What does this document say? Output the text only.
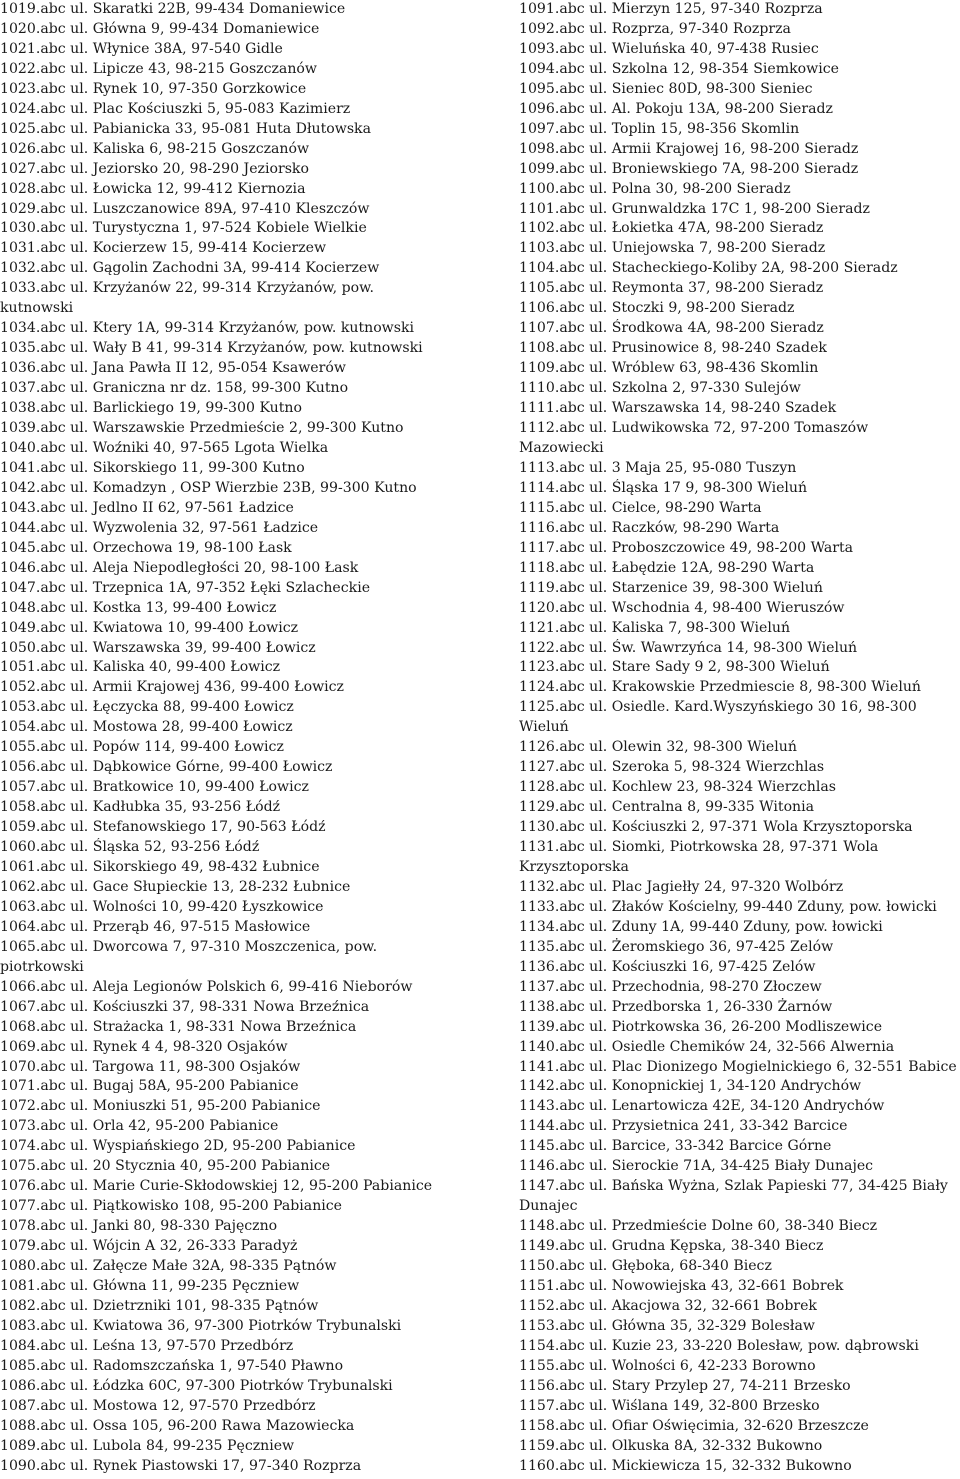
1019.abc ul. Skaratki 22B, 99-434 Domaniewice
1020.abc ul. Główna 9, 99-434 Domaniewice
1021.abc ul. Włynice 38A, 97-540 Gidle
1022.abc ul. Lipicze 43, 98-215 Goszczanów
1023.abc ul. Rynek 10, 97-350 Gorzkowice
1024.abc ul. Plac Kościuszki 5, 95-083 Kazimierz
1025.abc ul. Pabianicka 33, 95-081 Huta Dłutowska
1026.abc ul. Kaliska 6, 98-215 Goszczanów
1027.abc ul. Jeziorsko 20, 98-290 Jeziorsko
1028.abc ul. Łowicka 12, 99-412 Kiernozia
1029.abc ul. Luszczanowice 89A, 97-410 Kleszczów
1030.abc ul. Turystyczna 1, 97-524 Kobiele Wielkie
1031.abc ul. Kocierzew 15, 99-414 Kocierzew
1032.abc ul. Gągolin Zachodni 3A, 99-414 Kocierzew
1033.abc ul. Krzyżanów 22, 99-314 Krzyżanów, pow.
kutnowski
1034.abc ul. Ktery 1A, 99-314 Krzyżanów, pow. kutnowski
1035.abc ul. Wały B 41, 99-314 Krzyżanów, pow. kutnowski
1036.abc ul. Jana Pawła II 12, 95-054 Ksawerów
1037.abc ul. Graniczna nr dz. 158, 99-300 Kutno
1038.abc ul. Barlickiego 19, 99-300 Kutno
1039.abc ul. Warszawskie Przedmieście 2, 99-300 Kutno
1040.abc ul. Woźniki 40, 97-565 Lgota Wielka
1041.abc ul. Sikorskiego 11, 99-300 Kutno
1042.abc ul. Komadzyn , OSP Wierzbie 23B, 99-300 Kutno
1043.abc ul. Jedlno II 62, 97-561 Ładzice
1044.abc ul. Wyzwolenia 32, 97-561 Ładzice
1045.abc ul. Orzechowa 19, 98-100 Łask
1046.abc ul. Aleja Niepodległości 20, 98-100 Łask
1047.abc ul. Trzepnica 1A, 97-352 Łęki Szlacheckie
1048.abc ul. Kostka 13, 99-400 Łowicz
1049.abc ul. Kwiatowa 10, 99-400 Łowicz
1050.abc ul. Warszawska 39, 99-400 Łowicz
1051.abc ul. Kaliska 40, 99-400 Łowicz
1052.abc ul. Armii Krajowej 436, 99-400 Łowicz
1053.abc ul. Łęczycka 88, 99-400 Łowicz
1054.abc ul. Mostowa 28, 99-400 Łowicz
1055.abc ul. Popów 114, 99-400 Łowicz
1056.abc ul. Dąbkowice Górne, 99-400 Łowicz
1057.abc ul. Bratkowice 10, 99-400 Łowicz
1058.abc ul. Kadłubka 35, 93-256 Łódź
1059.abc ul. Stefanowskiego 17, 90-563 Łódź
1060.abc ul. Śląska 52, 93-256 Łódź
1061.abc ul. Sikorskiego 49, 98-432 Łubnice
1062.abc ul. Gace Słupieckie 13, 28-232 Łubnice
1063.abc ul. Wolności 10, 99-420 Łyszkowice
1064.abc ul. Przerąb 46, 97-515 Masłowice
1065.abc ul. Dworcowa 7, 97-310 Moszczenica, pow.
piotrkowski
1066.abc ul. Aleja Legionów Polskich 6, 99-416 Nieborów
1067.abc ul. Kościuszki 37, 98-331 Nowa Brzeźnica
1068.abc ul. Strażacka 1, 98-331 Nowa Brzeźnica
1069.abc ul. Rynek 4 4, 98-320 Osjaków
1070.abc ul. Targowa 11, 98-300 Osjaków
1071.abc ul. Bugaj 58A, 95-200 Pabianice
1072.abc ul. Moniuszki 51, 95-200 Pabianice
1073.abc ul. Orla 42, 95-200 Pabianice
1074.abc ul. Wyspiańskiego 2D, 95-200 Pabianice
1075.abc ul. 20 Stycznia 40, 95-200 Pabianice
1076.abc ul. Marie Curie-Skłodowskiej 12, 95-200 Pabianice
1077.abc ul. Piątkowisko 108, 95-200 Pabianice
1078.abc ul. Janki 80, 98-330 Pajęczno
1079.abc ul. Wójcin A 32, 26-333 Paradyż
1080.abc ul. Załęcze Małe 32A, 98-335 Pątnów
1081.abc ul. Główna 11, 99-235 Pęczniew
1082.abc ul. Dzietrzniki 101, 98-335 Pątnów
1083.abc ul. Kwiatowa 36, 97-300 Piotrków Trybunalski
1084.abc ul. Leśna 13, 97-570 Przedbórz
1085.abc ul. Radomszczańska 1, 97-540 Pławno
1086.abc ul. Łódzka 60C, 97-300 Piotrków Trybunalski
1087.abc ul. Mostowa 12, 97-570 Przedbórz
1088.abc ul. Ossa 105, 96-200 Rawa Mazowiecka
1089.abc ul. Lubola 84, 99-235 Pęczniew
1090.abc ul. Rynek Piastowski 17, 97-340 Rozprza
1091.abc ul. Mierzyn 125, 97-340 Rozprza
1092.abc ul. Rozprza, 97-340 Rozprza
1093.abc ul. Wieluńska 40, 97-438 Rusiec
1094.abc ul. Szkolna 12, 98-354 Siemkowice
1095.abc ul. Sieniec 80D, 98-300 Sieniec
1096.abc ul. Al. Pokoju 13A, 98-200 Sieradz
1097.abc ul. Toplin 15, 98-356 Skomlin
1098.abc ul. Armii Krajowej 16, 98-200 Sieradz
1099.abc ul. Broniewskiego 7A, 98-200 Sieradz
1100.abc ul. Polna 30, 98-200 Sieradz
1101.abc ul. Grunwaldzka 17C 1, 98-200 Sieradz
1102.abc ul. Łokietka 47A, 98-200 Sieradz
1103.abc ul. Uniejowska 7, 98-200 Sieradz
1104.abc ul. Stacheckiego-Koliby 2A, 98-200 Sieradz
1105.abc ul. Reymonta 37, 98-200 Sieradz
1106.abc ul. Stoczki 9, 98-200 Sieradz
1107.abc ul. Środkowa 4A, 98-200 Sieradz
1108.abc ul. Prusinowice 8, 98-240 Szadek
1109.abc ul. Wróblew 63, 98-436 Skomlin
1110.abc ul. Szkolna 2, 97-330 Sulejów
1111.abc ul. Warszawska 14, 98-240 Szadek
1112.abc ul. Ludwikowska 72, 97-200 Tomaszów
Mazowiecki
1113.abc ul. 3 Maja 25, 95-080 Tuszyn
1114.abc ul. Śląska 17 9, 98-300 Wieluń
1115.abc ul. Cielce, 98-290 Warta
1116.abc ul. Raczków, 98-290 Warta
1117.abc ul. Proboszczowice 49, 98-200 Warta
1118.abc ul. Łabędzie 12A, 98-290 Warta
1119.abc ul. Starzenice 39, 98-300 Wieluń
1120.abc ul. Wschodnia 4, 98-400 Wieruszów
1121.abc ul. Kaliska 7, 98-300 Wieluń
1122.abc ul. Św. Wawrzyńca 14, 98-300 Wieluń
1123.abc ul. Stare Sady 9 2, 98-300 Wieluń
1124.abc ul. Krakowskie Przedmiescie 8, 98-300 Wieluń
1125.abc ul. Osiedle. Kard.Wyszyńskiego 30 16, 98-300
Wieluń
1126.abc ul. Olewin 32, 98-300 Wieluń
1127.abc ul. Szeroka 5, 98-324 Wierzchlas
1128.abc ul. Kochlew 23, 98-324 Wierzchlas
1129.abc ul. Centralna 8, 99-335 Witonia
1130.abc ul. Kościuszki 2, 97-371 Wola Krzysztoporska
1131.abc ul. Siomki, Piotrkowska 28, 97-371 Wola
Krzysztoporska
1132.abc ul. Plac Jagiełły 24, 97-320 Wolbórz
1133.abc ul. Złaków Kościelny, 99-440 Zduny, pow. łowicki
1134.abc ul. Zduny 1A, 99-440 Zduny, pow. łowicki
1135.abc ul. Żeromskiego 36, 97-425 Zelów
1136.abc ul. Kościuszki 16, 97-425 Zelów
1137.abc ul. Przechodnia, 98-270 Złoczew
1138.abc ul. Przedborska 1, 26-330 Żarnów
1139.abc ul. Piotrkowska 36, 26-200 Modliszewice
1140.abc ul. Osiedle Chemików 24, 32-566 Alwernia
1141.abc ul. Plac Dionizego Mogielnickiego 6, 32-551 Babice
1142.abc ul. Konopnickiej 1, 34-120 Andrychów
1143.abc ul. Lenartowicza 42E, 34-120 Andrychów
1144.abc ul. Przysietnica 241, 33-342 Barcice
1145.abc ul. Barcice, 33-342 Barcice Górne
1146.abc ul. Sierockie 71A, 34-425 Biały Dunajec
1147.abc ul. Bańska Wyżna, Szlak Papieski 77, 34-425 Biały
Dunajec
1148.abc ul. Przedmieście Dolne 60, 38-340 Biecz
1149.abc ul. Grudna Kępska, 38-340 Biecz
1150.abc ul. Głęboka, 68-340 Biecz
1151.abc ul. Nowowiejska 43, 32-661 Bobrek
1152.abc ul. Akacjowa 32, 32-661 Bobrek
1153.abc ul. Główna 35, 32-329 Bolesław
1154.abc ul. Kuzie 23, 33-220 Bolesław, pow. dąbrowski
1155.abc ul. Wolności 6, 42-233 Borowno
1156.abc ul. Stary Przylep 27, 74-211 Brzesko
1157.abc ul. Wiślana 149, 32-800 Brzesko
1158.abc ul. Ofiar Oświęcimia, 32-620 Brzeszcze
1159.abc ul. Olkuska 8A, 32-332 Bukowno
1160.abc ul. Mickiewicza 15, 32-332 Bukowno
